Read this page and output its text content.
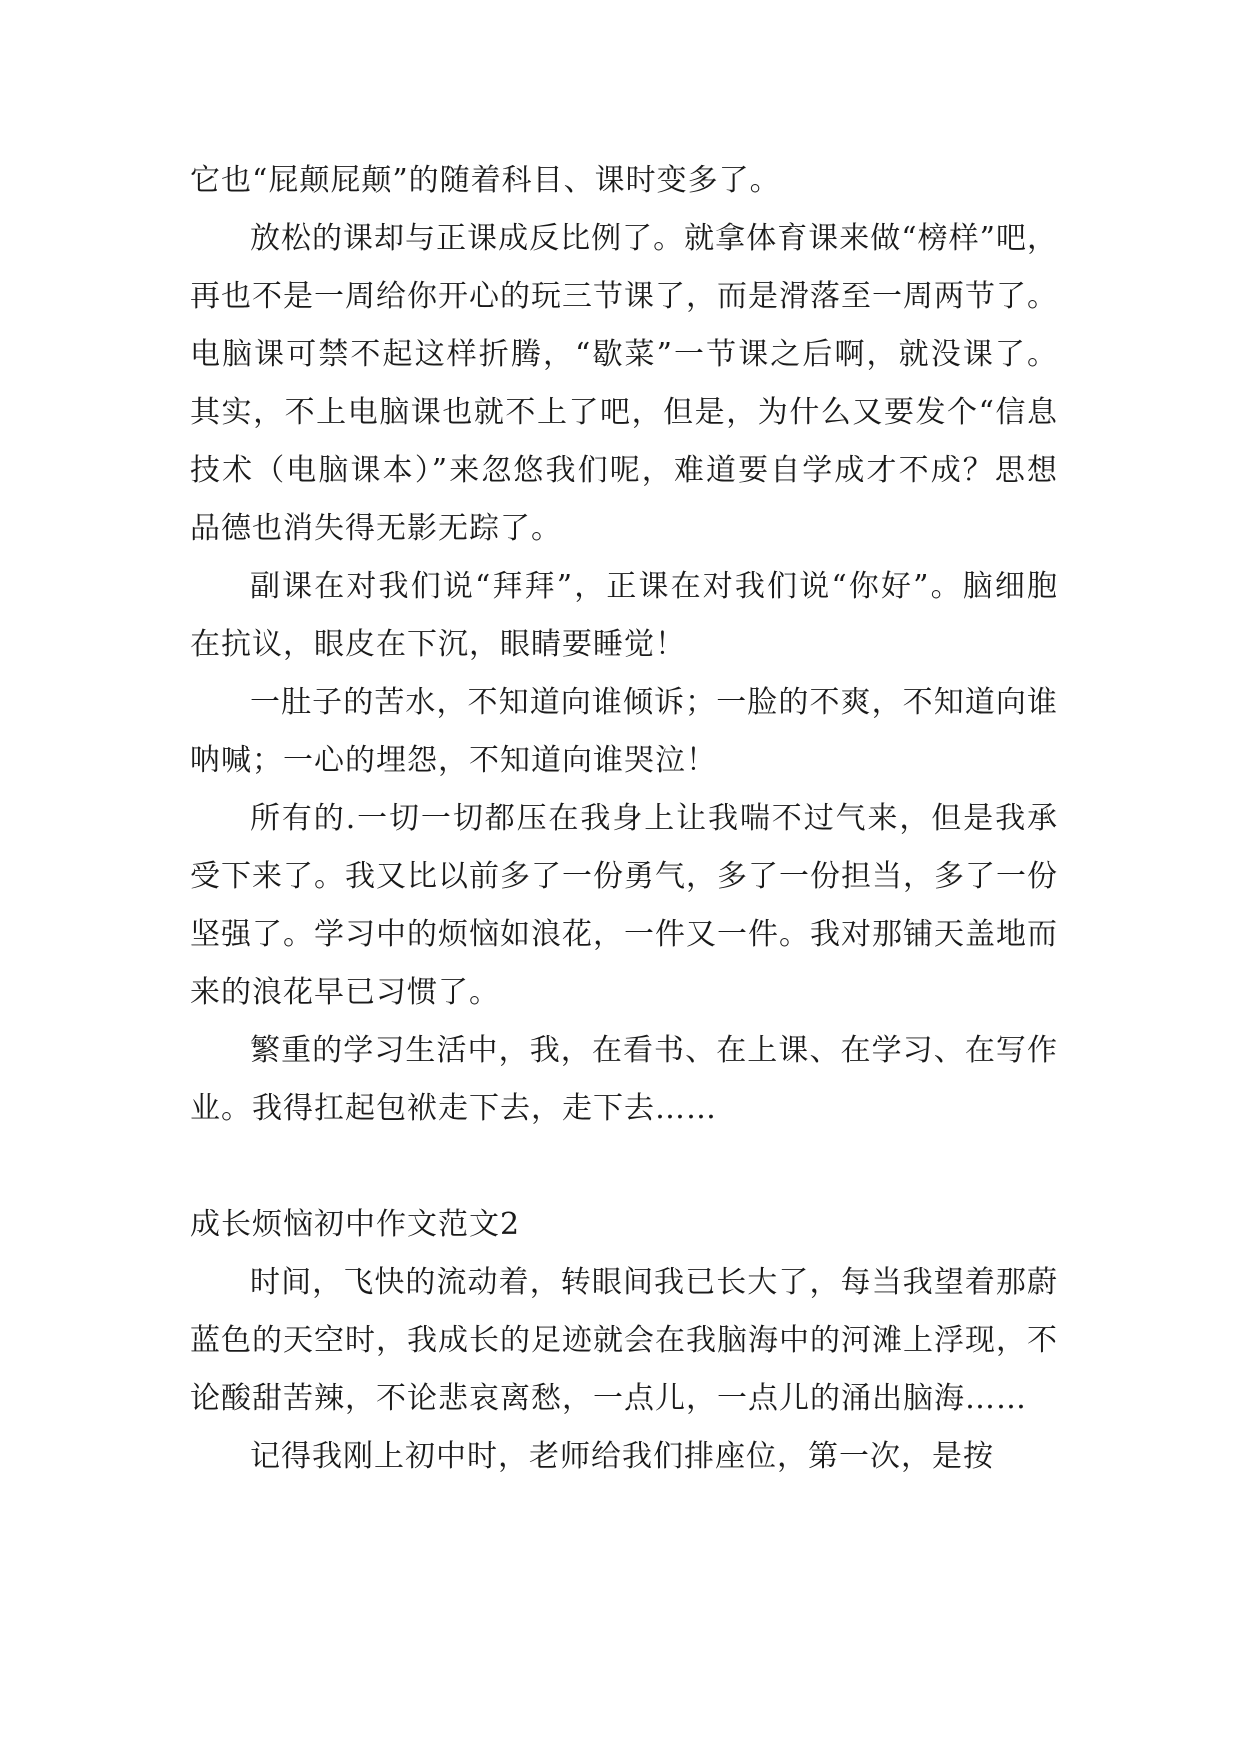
它也“屁颠屁颠”的随着科目、课时变多了。

放松的课却与正课成反比例了。就拿体育课来做“榜样”吧，再也不是一周给你开心的玩三节课了，而是滑落至一周两节了。电脑课可禁不起这样折腾，“歇菜”一节课之后啊，就没课了。其实，不上电脑课也就不上了吧，但是，为什么又要发个“信息技术（电脑课本）”来忽悠我们呢，难道要自学成才不成？思想品德也消失得无影无踪了。

副课在对我们说“拜拜”，正课在对我们说“你好”。脑细胞在抗议，眼皮在下沉，眼睛要睡觉！

一肚子的苦水，不知道向谁倾诉；一脸的不爽，不知道向谁呐喊；一心的埋怨，不知道向谁哭泣！

所有的.一切一切都压在我身上让我喘不过气来，但是我承受下来了。我又比以前多了一份勇气，多了一份担当，多了一份坚强了。学习中的烦恼如浪花，一件又一件。我对那铺天盖地而来的浪花早已习惯了。

繁重的学习生活中，我，在看书、在上课、在学习、在写作业。我得扛起包袱走下去，走下去……

成长烦恼初中作文范文2

时间，飞快的流动着，转眼间我已长大了，每当我望着那蔚蓝色的天空时，我成长的足迹就会在我脑海中的河滩上浮现，不论酸甜苦辣，不论悲哀离愁，一点儿，一点儿的涌出脑海……

记得我刚上初中时，老师给我们排座位，第一次，是按
